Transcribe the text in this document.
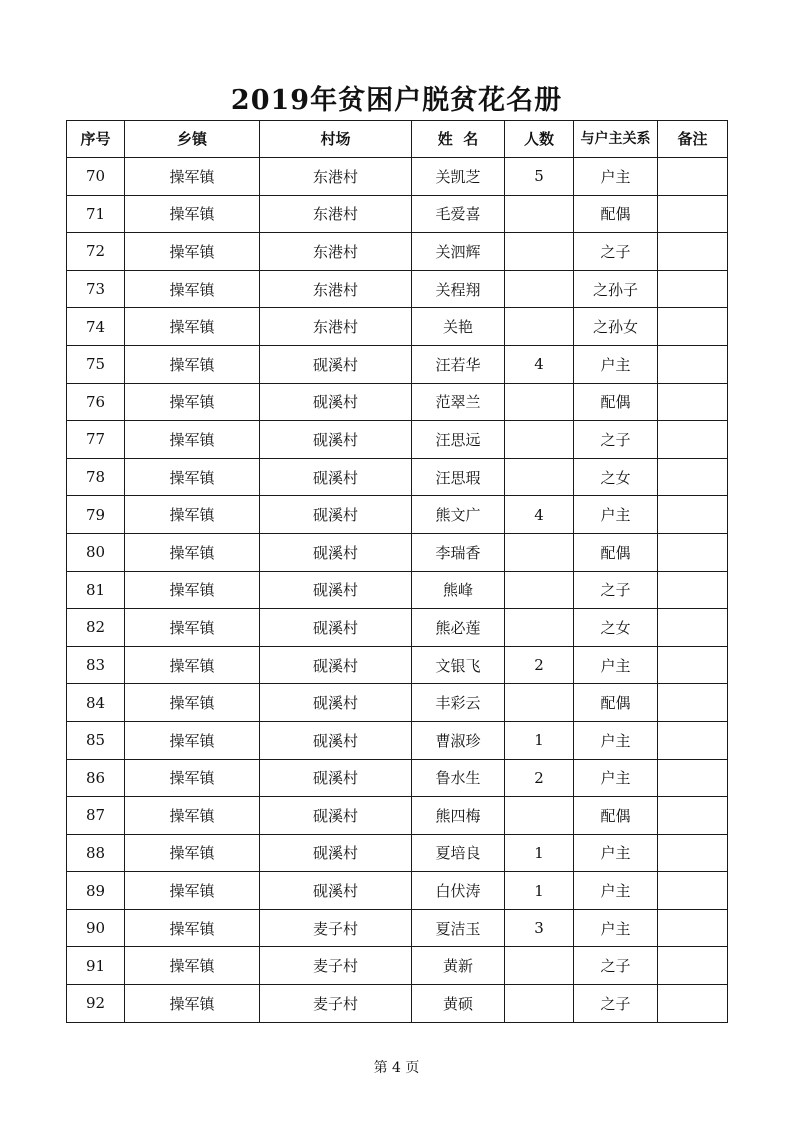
2019年贫困户脱贫花名册
序号	乡镇	村场	姓  名	人数	与户主关系	备注
70	操军镇	东港村	关凯芝	5	户主	
71	操军镇	东港村	毛爱喜		配偶	
72	操军镇	东港村	关泗辉		之子	
73	操军镇	东港村	关程翔		之孙子	
74	操军镇	东港村	关艳		之孙女	
75	操军镇	砚溪村	汪若华	4	户主	
76	操军镇	砚溪村	范翠兰		配偶	
77	操军镇	砚溪村	汪思远		之子	
78	操军镇	砚溪村	汪思瑕		之女	
79	操军镇	砚溪村	熊文广	4	户主	
80	操军镇	砚溪村	李瑞香		配偶	
81	操军镇	砚溪村	熊峰		之子	
82	操军镇	砚溪村	熊必莲		之女	
83	操军镇	砚溪村	文银飞	2	户主	
84	操军镇	砚溪村	丰彩云		配偶	
85	操军镇	砚溪村	曹淑珍	1	户主	
86	操军镇	砚溪村	鲁水生	2	户主	
87	操军镇	砚溪村	熊四梅		配偶	
88	操军镇	砚溪村	夏培良	1	户主	
89	操军镇	砚溪村	白伏涛	1	户主	
90	操军镇	麦子村	夏洁玉	3	户主	
91	操军镇	麦子村	黄新		之子	
92	操军镇	麦子村	黄硕		之子	
第 4 页
